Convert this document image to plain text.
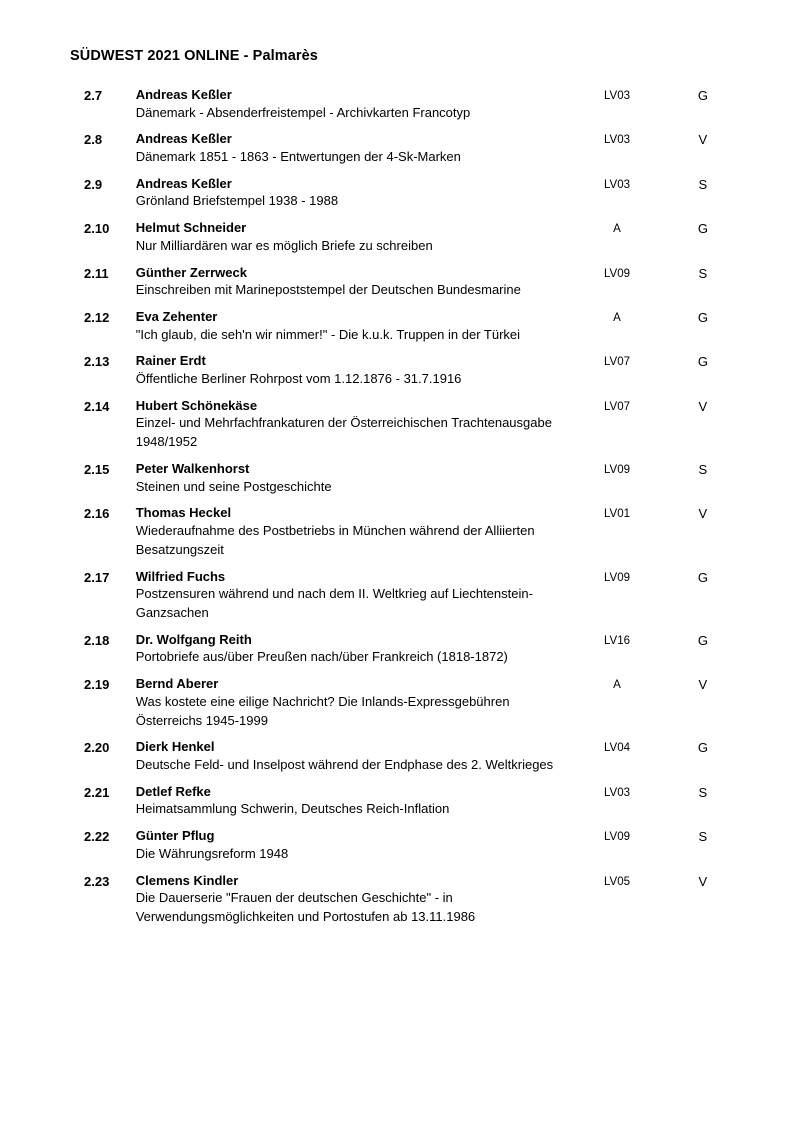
SÜDWEST 2021 ONLINE - Palmarès
2.7	Andreas Keßler
Dänemark - Absenderfreistempel - Archivkarten Francotyp	LV03	G
2.8	Andreas Keßler
Dänemark 1851 - 1863 - Entwertungen der 4-Sk-Marken	LV03	V
2.9	Andreas Keßler
Grönland Briefstempel 1938 - 1988	LV03	S
2.10	Helmut Schneider
Nur Milliardären war es möglich Briefe zu schreiben	A	G
2.11	Günther Zerrweck
Einschreiben mit Marinepoststempel der Deutschen Bundesmarine	LV09	S
2.12	Eva Zehenter
"Ich glaub, die seh'n wir nimmer!" - Die k.u.k. Truppen in der Türkei	A	G
2.13	Rainer Erdt
Öffentliche Berliner Rohrpost vom 1.12.1876 - 31.7.1916	LV07	G
2.14	Hubert Schönekäse
Einzel- und Mehrfachfrankaturen der Österreichischen Trachtenausgabe 1948/1952	LV07	V
2.15	Peter Walkenhorst
Steinen und seine Postgeschichte	LV09	S
2.16	Thomas Heckel
Wiederaufnahme des Postbetriebs in München während der Alliierten Besatzungszeit	LV01	V
2.17	Wilfried Fuchs
Postzensuren während und nach dem II. Weltkrieg auf Liechtenstein-Ganzsachen	LV09	G
2.18	Dr. Wolfgang Reith
Portobriefe aus/über Preußen nach/über Frankreich (1818-1872)	LV16	G
2.19	Bernd Aberer
Was kostete eine eilige Nachricht? Die Inlands-Expressgebühren Österreichs 1945-1999	A	V
2.20	Dierk Henkel
Deutsche Feld- und Inselpost während der Endphase des 2. Weltkrieges	LV04	G
2.21	Detlef Refke
Heimatsammlung Schwerin, Deutsches Reich-Inflation	LV03	S
2.22	Günter Pflug
Die Währungsreform 1948	LV09	S
2.23	Clemens Kindler
Die Dauerserie "Frauen der deutschen Geschichte" - in Verwendungsmöglichkeiten und Portostufen ab 13.11.1986	LV05	V
